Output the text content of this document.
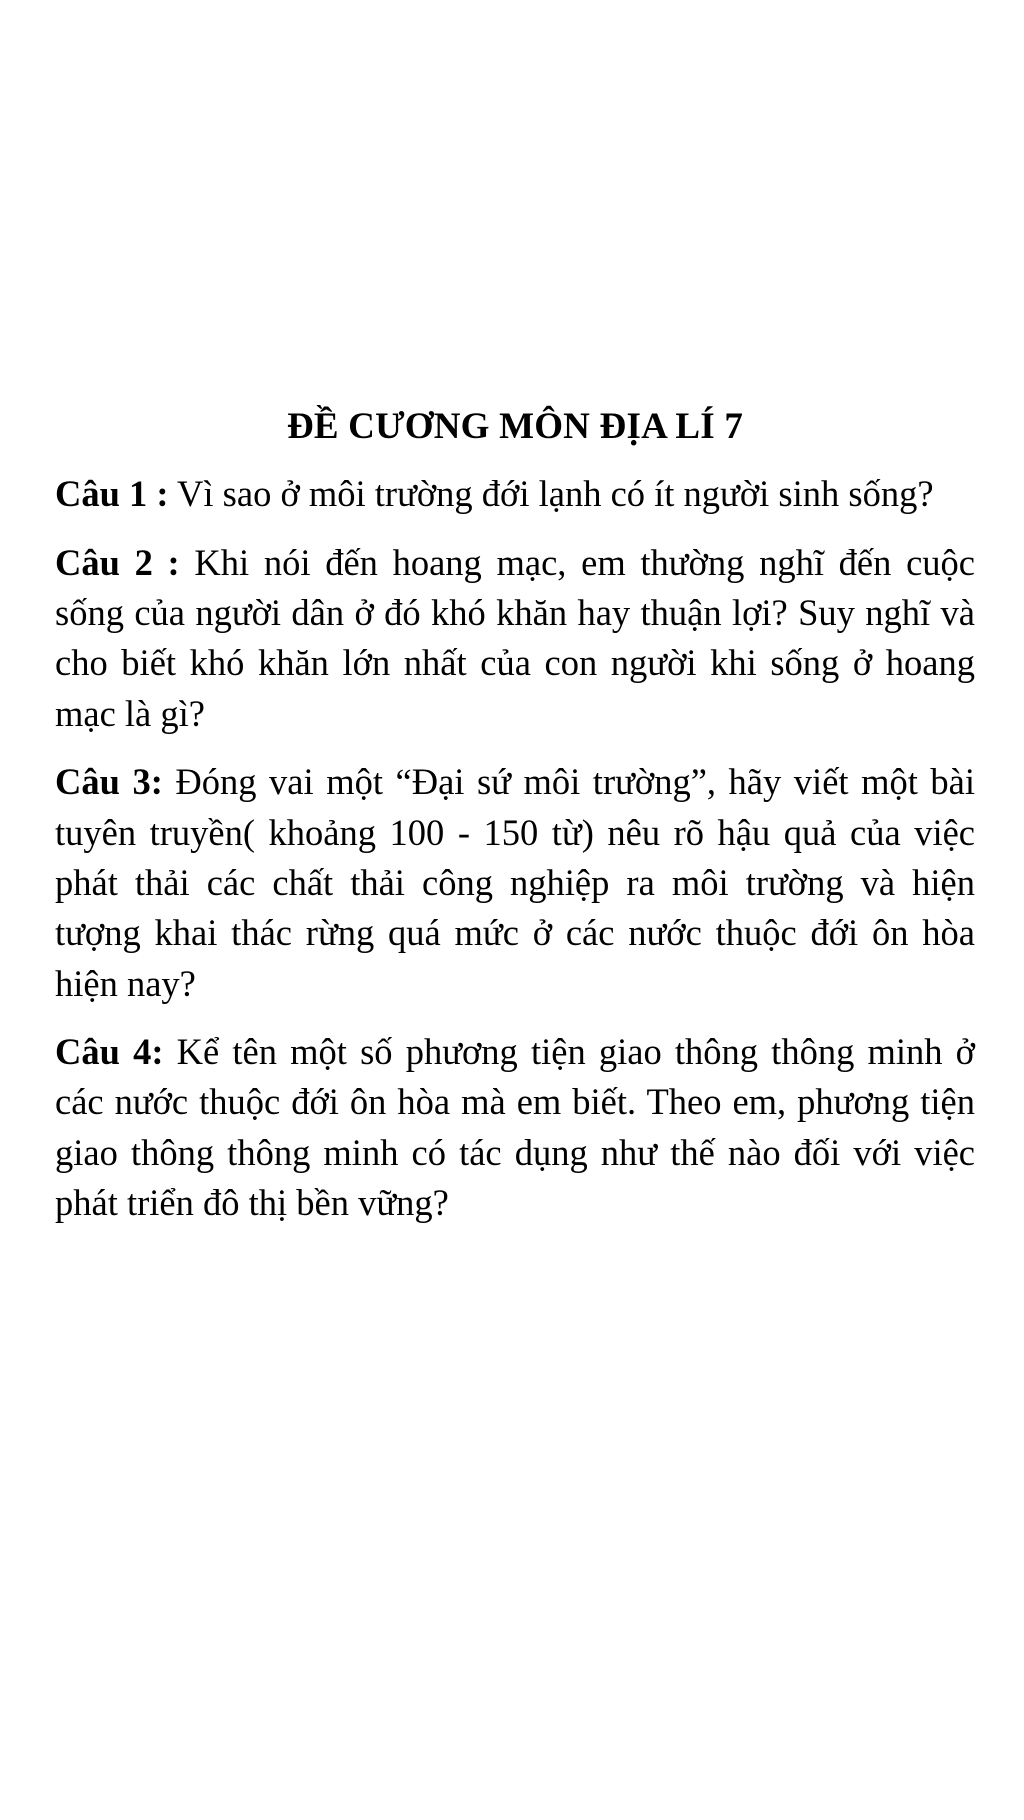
ĐỀ CƯƠNG MÔN ĐỊA LÍ 7

Câu 1 : Vì sao ở môi trường đới lạnh có ít người sinh sống?

Câu 2 : Khi nói đến hoang mạc, em thường nghĩ đến cuộc sống của người dân ở đó khó khăn hay thuận lợi? Suy nghĩ và cho biết khó khăn lớn nhất của con người khi sống ở hoang mạc là gì?

Câu 3: Đóng vai một “Đại sứ môi trường”, hãy viết một bài tuyên truyền( khoảng 100 - 150 từ) nêu rõ hậu quả của việc phát thải các chất thải công nghiệp ra môi trường và hiện tượng khai thác rừng quá mức ở các nước thuộc đới ôn hòa hiện nay?

Câu 4: Kể tên một số phương tiện giao thông thông minh ở các nước thuộc đới ôn hòa mà em biết. Theo em, phương tiện giao thông thông minh có tác dụng như thế nào đối với việc phát triển đô thị bền vững?
